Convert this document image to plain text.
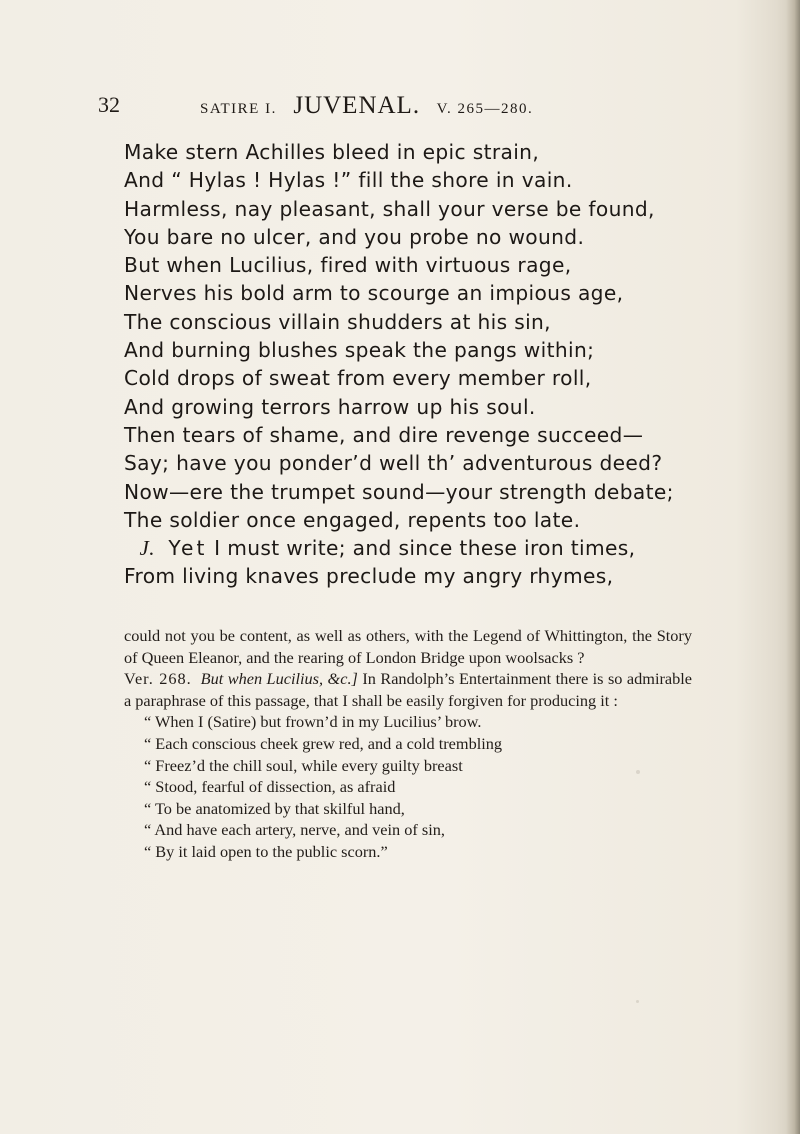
32	SATIRE I. JUVENAL. V. 265—280.
Make stern Achilles bleed in epic strain,
And “ Hylas ! Hylas !” fill the shore in vain.
Harmless, nay pleasant, shall your verse be found,
You bare no ulcer, and you probe no wound.
But when Lucilius, fired with virtuous rage,
Nerves his bold arm to scourge an impious age,
The conscious villain shudders at his sin,
And burning blushes speak the pangs within;
Cold drops of sweat from every member roll,
And growing terrors harrow up his soul.
Then tears of shame, and dire revenge succeed—
Say; have you ponder’d well th’ adventurous deed?
Now—ere the trumpet sound—your strength debate;
The soldier once engaged, repents too late.
J. Yet I must write; and since these iron times,
From living knaves preclude my angry rhymes,

could not you be content, as well as others, with the Legend of Whittington, the Story of Queen Eleanor, and the rearing of London Bridge upon woolsacks ?

Ver. 268. But when Lucilius, &c.] In Randolph’s Entertainment there is so admirable a paraphrase of this passage, that I shall be easily forgiven for producing it :

“ When I (Satire) but frown’d in my Lucilius’ brow.
“ Each conscious cheek grew red, and a cold trembling
“ Freez’d the chill soul, while every guilty breast
“ Stood, fearful of dissection, as afraid
“ To be anatomized by that skilful hand,
“ And have each artery, nerve, and vein of sin,
“ By it laid open to the public scorn.”
